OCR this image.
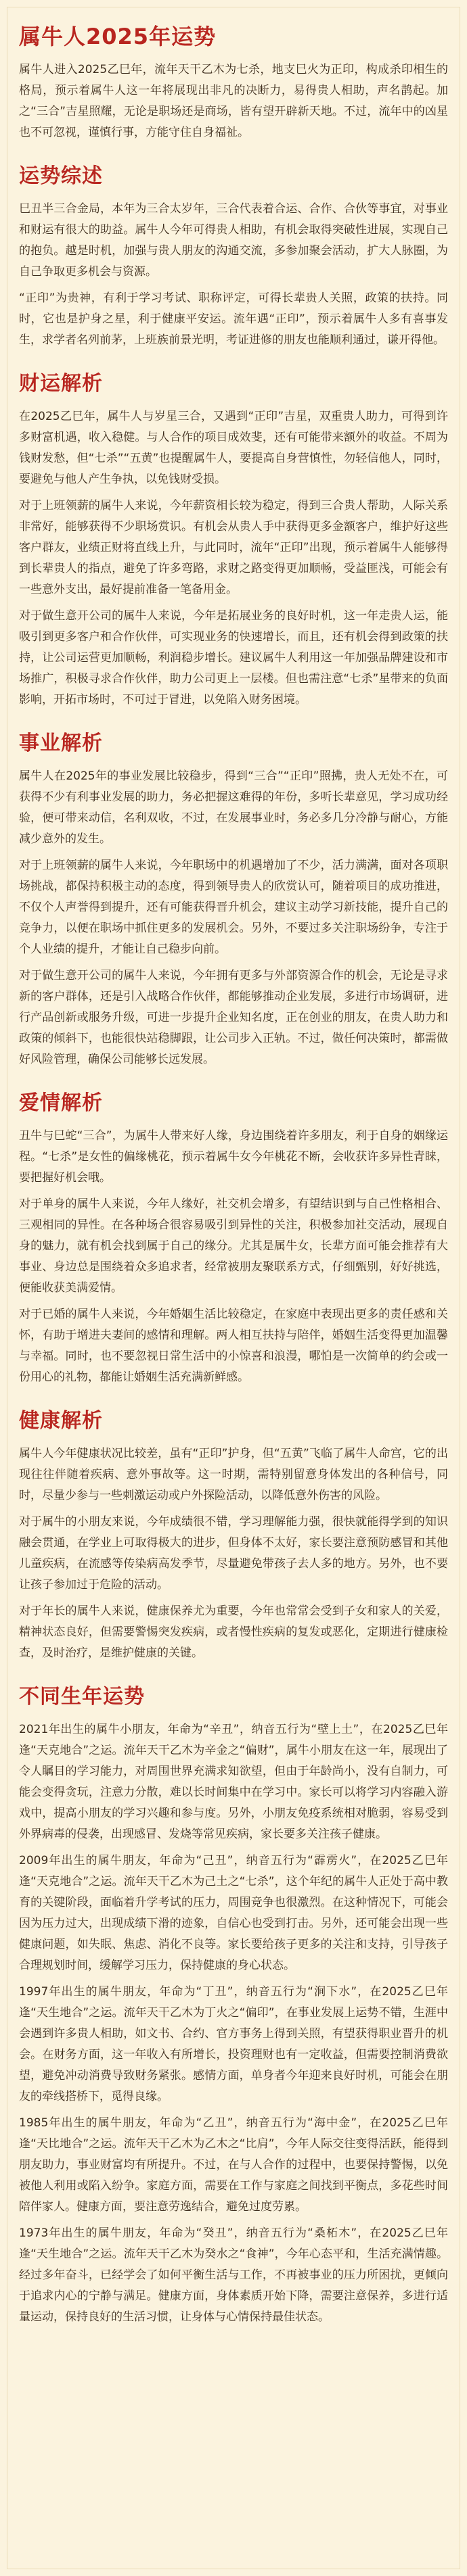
属牛人2025年运势

属牛人进入2025乙巳年，流年天干乙木为七杀，地支巳火为正印，构成杀印相生的格局，预示着属牛人这一年将展现出非凡的决断力，易得贵人相助，声名鹊起。加之“三合”吉星照耀，无论是职场还是商场，皆有望开辟新天地。不过，流年中的凶星也不可忽视，谨慎行事，方能守住自身福祉。

运势综述

巳丑半三合金局，本年为三合太岁年，三合代表着合运、合作、合伙等事宜，对事业和财运有很大的助益。属牛人今年可得贵人相助，有机会取得突破性进展，实现自己的抱负。越是时机，加强与贵人朋友的沟通交流，多参加聚会活动，扩大人脉圈，为自己争取更多机会与资源。

“正印”为贵神，有利于学习考试、职称评定，可得长辈贵人关照，政策的扶持。同时，它也是护身之星，利于健康平安运。流年遇“正印”，预示着属牛人多有喜事发生，求学者名列前茅，上班族前景光明，考证进修的朋友也能顺利通过，谦开得他。

财运解析

在2025乙巳年，属牛人与岁星三合，又遇到“正印”吉星，双重贵人助力，可得到许多财富机遇，收入稳健。与人合作的项目成效斐，还有可能带来额外的收益。不周为钱财发愁，但“七杀”“五黄”也提醒属牛人，要提高自身营慎性，勿轻信他人，同时，要避免与他人产生争执，以免钱财受损。

对于上班领薪的属牛人来说，今年薪资相长较为稳定，得到三合贵人帮助，人际关系非常好，能够获得不少职场赏识。有机会从贵人手中获得更多金额客户，维护好这些客户群友，业绩正财将直线上升，与此同时，流年“正印”出现，预示着属牛人能够得到长辈贵人的指点，避免了许多弯路，求财之路变得更加顺畅，受益匪浅，可能会有一些意外支出，最好提前准备一笔备用金。

对于做生意开公司的属牛人来说，今年是拓展业务的良好时机，这一年走贵人运，能吸引到更多客户和合作伙伴，可实现业务的快速增长，而且，还有机会得到政策的扶持，让公司运营更加顺畅，利润稳步增长。建议属牛人利用这一年加强品牌建设和市场推广，积极寻求合作伙伴，助力公司更上一层楼。但也需注意“七杀”星带来的负面影响，开拓市场时，不可过于冒进，以免陷入财务困境。

事业解析

属牛人在2025年的事业发展比较稳步，得到“三合”“正印”照拂，贵人无处不在，可获得不少有利事业发展的助力，务必把握这难得的年份，多听长辈意见，学习成功经验，便可带来动信，名利双收，不过，在发展事业时，务必多几分冷静与耐心，方能减少意外的发生。

对于上班领薪的属牛人来说，今年职场中的机遇增加了不少，活力满满，面对各项职场挑战，都保持积极主动的态度，得到领导贵人的欣赏认可，随着项目的成功推进，不仅个人声誉得到提升，还有可能获得晋升机会，建议主动学习新技能，提升自己的竞争力，以便在职场中抓住更多的发展机会。另外，不要过多关注职场纷争，专注于个人业绩的提升，才能让自己稳步向前。

对于做生意开公司的属牛人来说，今年拥有更多与外部资源合作的机会，无论是寻求新的客户群体，还是引入战略合作伙伴，都能够推动企业发展，多进行市场调研，进行产品创新或服务升级，可进一步提升企业知名度，正在创业的朋友，在贵人助力和政策的倾斜下，也能很快站稳脚跟，让公司步入正轨。不过，做任何决策时，都需做好风险管理，确保公司能够长远发展。

爱情解析

丑牛与巳蛇“三合”，为属牛人带来好人缘，身边围绕着许多朋友，利于自身的姻缘运程。“七杀”是女性的偏缘桃花，预示着属牛女今年桃花不断，会收获许多异性青睐，要把握好机会哦。

对于单身的属牛人来说，今年人缘好，社交机会增多，有望结识到与自己性格相合、三观相同的异性。在各种场合很容易吸引到异性的关注，积极参加社交活动，展现自身的魅力，就有机会找到属于自己的缘分。尤其是属牛女，长辈方面可能会推荐有大事业、身边总是围绕着众多追求者，经常被朋友聚联系方式，仔细甄别，好好挑选，便能收获美满爱情。

对于已婚的属牛人来说，今年婚姻生活比较稳定，在家庭中表现出更多的责任感和关怀，有助于增进夫妻间的感情和理解。两人相互扶持与陪伴，婚姻生活变得更加温馨与幸福。同时，也不要忽视日常生活中的小惊喜和浪漫，哪怕是一次简单的约会或一份用心的礼物，都能让婚姻生活充满新鲜感。

健康解析

属牛人今年健康状况比较差，虽有“正印”护身，但“五黄”飞临了属牛人命宫，它的出现往往伴随着疾病、意外事故等。这一时期，需特别留意身体发出的各种信号，同时，尽量少参与一些刺激运动或户外探险活动，以降低意外伤害的风险。

对于属牛的小朋友来说，今年成绩很不错，学习理解能力强，很快就能得学到的知识融会贯通，在学业上可取得极大的进步，但身体不太好，家长要注意预防感冒和其他儿童疾病，在流感等传染病高发季节，尽量避免带孩子去人多的地方。另外，也不要让孩子参加过于危险的活动。

对于年长的属牛人来说，健康保养尤为重要，今年也常常会受到子女和家人的关爱，精神状态良好，但需要警惕突发疾病，或者慢性疾病的复发或恶化，定期进行健康检查，及时治疗，是维护健康的关键。

不同生年运势

2021年出生的属牛小朋友，年命为“辛丑”，纳音五行为“壁上土”，在2025乙巳年逢“天克地合”之运。流年天干乙木为辛金之“偏财”，属牛小朋友在这一年，展现出了令人瞩目的学习能力，对周围世界充满求知欲望，但由于年龄尚小，没有自制力，可能会变得贪玩，注意力分散，难以长时间集中在学习中。家长可以将学习内容融入游戏中，提高小朋友的学习兴趣和参与度。另外，小朋友免疫系统相对脆弱，容易受到外界病毒的侵袭，出现感冒、发烧等常见疾病，家长要多关注孩子健康。

2009年出生的属牛朋友，年命为“己丑”，纳音五行为“霹雳火”，在2025乙巳年逢“天克地合”之运。流年天干乙木为己土之“七杀”，这个年纪的属牛人正处于高中教育的关键阶段，面临着升学考试的压力，周围竞争也很激烈。在这种情况下，可能会因为压力过大，出现成绩下滑的迹象，自信心也受到打击。另外，还可能会出现一些健康问题，如失眠、焦虑、消化不良等。家长要给孩子更多的关注和支持，引导孩子合理规划时间，缓解学习压力，保持健康的身心状态。

1997年出生的属牛朋友，年命为“丁丑”，纳音五行为“涧下水”，在2025乙巳年逢“天生地合”之运。流年天干乙木为丁火之“偏印”，在事业发展上运势不错，生涯中会遇到许多贵人相助，如文书、合约、官方事务上得到关照，有望获得职业晋升的机会。在财务方面，这一年收入有所增长，投资理财也有一定收益，但需要控制消费欲望，避免冲动消费导致财务紧张。感情方面，单身者今年迎来良好时机，可能会在朋友的牵线搭桥下，觅得良缘。

1985年出生的属牛朋友，年命为“乙丑”，纳音五行为“海中金”，在2025乙巳年逢“天比地合”之运。流年天干乙木为乙木之“比肩”，今年人际交往变得活跃，能得到朋友助力，事业财富均有所提升。不过，在与人合作的过程中，也要保持警惕，以免被他人利用或陷入纷争。家庭方面，需要在工作与家庭之间找到平衡点，多花些时间陪伴家人。健康方面，要注意劳逸结合，避免过度劳累。

1973年出生的属牛朋友，年命为“癸丑”，纳音五行为“桑柘木”，在2025乙巳年逢“天生地合”之运。流年天干乙木为癸水之“食神”，今年心态平和，生活充满情趣。经过多年奋斗，已经学会了如何平衡生活与工作，不再被事业的压力所困扰，更倾向于追求内心的宁静与满足。健康方面，身体素质开始下降，需要注意保养，多进行适量运动，保持良好的生活习惯，让身体与心情保持最佳状态。
